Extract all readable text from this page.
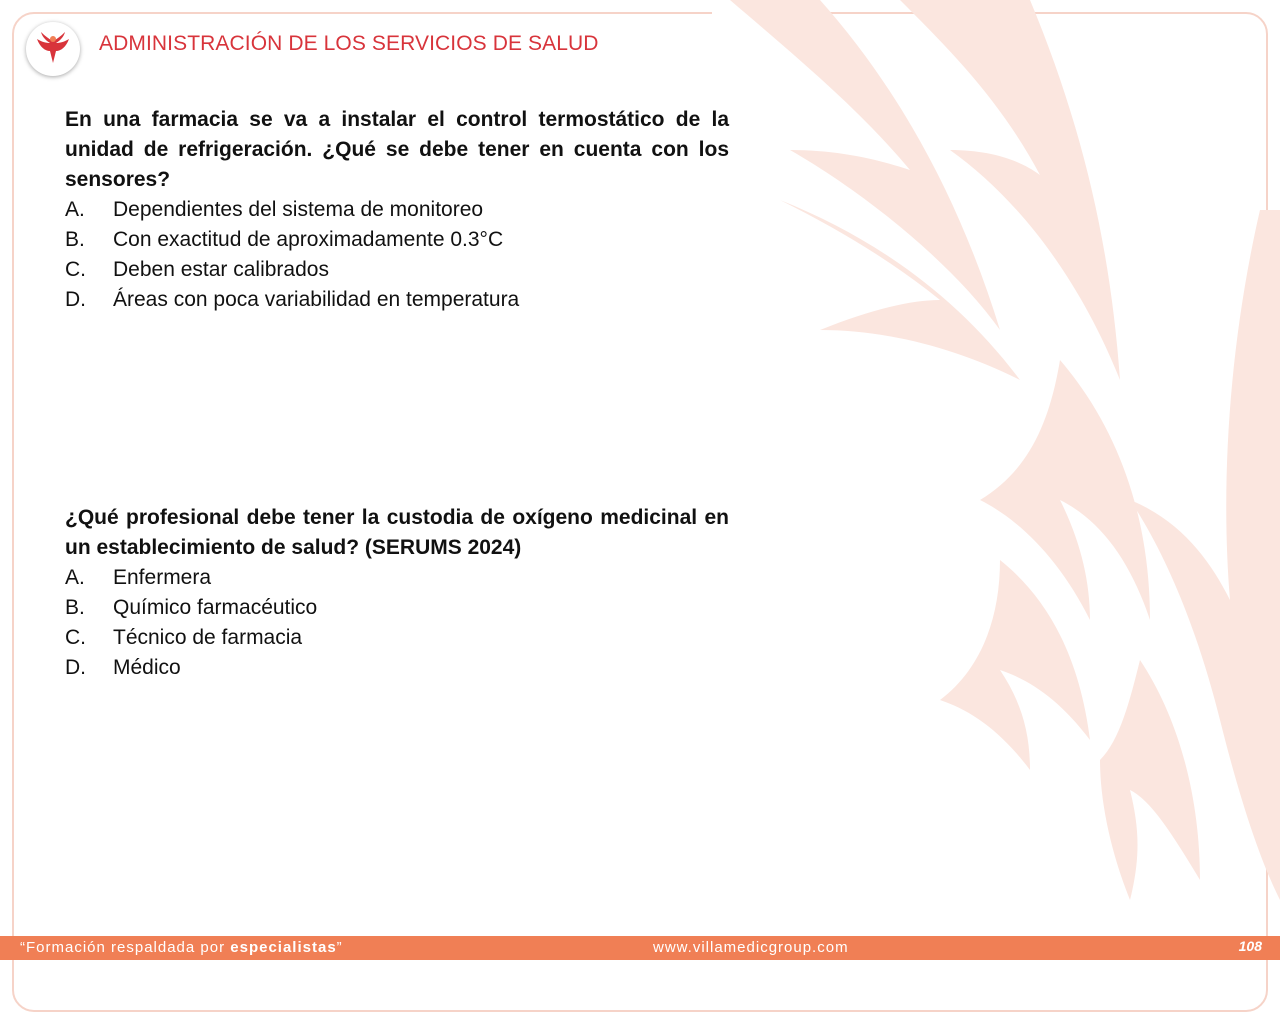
ADMINISTRACIÓN DE LOS SERVICIOS DE SALUD
En una farmacia se va a instalar el control termostático de la unidad de refrigeración. ¿Qué se debe tener en cuenta con los sensores?
A.	Dependientes del sistema de monitoreo
B.	Con exactitud de aproximadamente 0.3°C
C.	Deben estar calibrados
D.	Áreas con poca variabilidad en temperatura
¿Qué profesional debe tener la custodia de oxígeno medicinal en un establecimiento de salud? (SERUMS 2024)
A.	Enfermera
B.	Químico farmacéutico
C.	Técnico de farmacia
D.	Médico
“Formación respaldada por especialistas”	www.villamedicgroup.com	108
